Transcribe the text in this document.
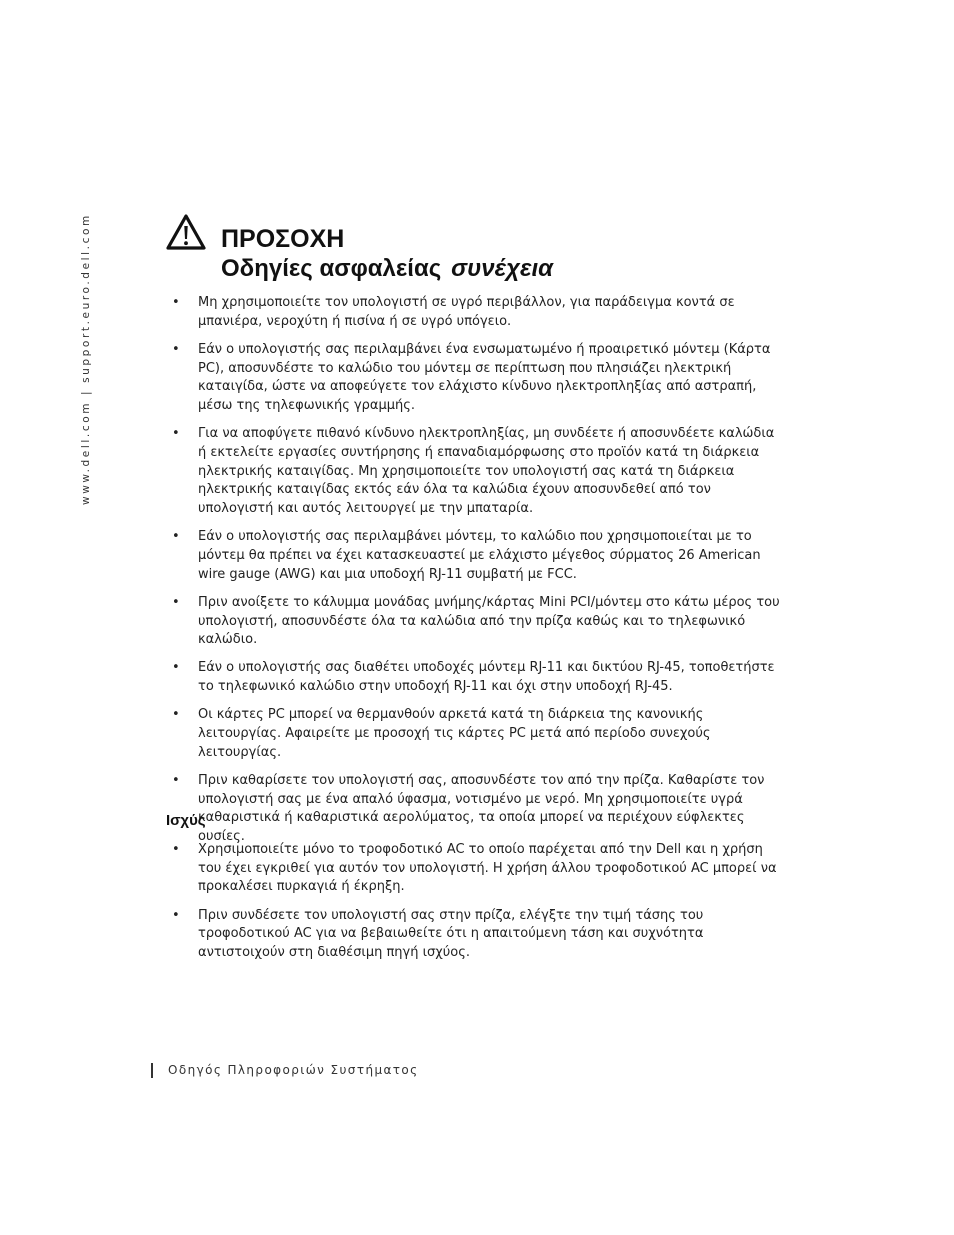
www.dell.com | support.euro.dell.com	ΠΡΟΣΟΧΗ
Οδηγίες ασφαλείας συνέχεια
• Μη χρησιμοποιείτε τον υπολογιστή σε υγρό περιβάλλον, για παράδειγμα κοντά σε μπανιέρα, νεροχύτη ή πισίνα ή σε υγρό υπόγειο.
• Εάν ο υπολογιστής σας περιλαμβάνει ένα ενσωματωμένο ή προαιρετικό μόντεμ (Κάρτα PC), αποσυνδέστε το καλώδιο του μόντεμ σε περίπτωση που πλησιάζει ηλεκτρική καταιγίδα, ώστε να αποφεύγετε τον ελάχιστο κίνδυνο ηλεκτροπληξίας από αστραπή, μέσω της τηλεφωνικής γραμμής.
• Για να αποφύγετε πιθανό κίνδυνο ηλεκτροπληξίας, μη συνδέετε ή αποσυνδέετε καλώδια ή εκτελείτε εργασίες συντήρησης ή επαναδιαμόρφωσης στο προϊόν κατά τη διάρκεια ηλεκτρικής καταιγίδας. Μη χρησιμοποιείτε τον υπολογιστή σας κατά τη διάρκεια ηλεκτρικής καταιγίδας εκτός εάν όλα τα καλώδια έχουν αποσυνδεθεί από τον υπολογιστή και αυτός λειτουργεί με την μπαταρία.
• Εάν ο υπολογιστής σας περιλαμβάνει μόντεμ, το καλώδιο που χρησιμοποιείται με το μόντεμ θα πρέπει να έχει κατασκευαστεί με ελάχιστο μέγεθος σύρματος 26 American wire gauge (AWG) και μια υποδοχή RJ-11 συμβατή με FCC.
• Πριν ανοίξετε το κάλυμμα μονάδας μνήμης/κάρτας Mini PCI/μόντεμ στο κάτω μέρος του υπολογιστή, αποσυνδέστε όλα τα καλώδια από την πρίζα καθώς και το τηλεφωνικό καλώδιο.
• Εάν ο υπολογιστής σας διαθέτει υποδοχές μόντεμ RJ-11 και δικτύου RJ-45, τοποθετήστε το τηλεφωνικό καλώδιο στην υποδοχή RJ-11 και όχι στην υποδοχή RJ-45.
• Οι κάρτες PC μπορεί να θερμανθούν αρκετά κατά τη διάρκεια της κανονικής λειτουργίας. Αφαιρείτε με προσοχή τις κάρτες PC μετά από περίοδο συνεχούς λειτουργίας.
• Πριν καθαρίσετε τον υπολογιστή σας, αποσυνδέστε τον από την πρίζα. Καθαρίστε τον υπολογιστή σας με ένα απαλό ύφασμα, νοτισμένο με νερό. Μη χρησιμοποιείτε υγρά καθαριστικά ή καθαριστικά αερολύματος, τα οποία μπορεί να περιέχουν εύφλεκτες ουσίες.
Ισχύς
• Χρησιμοποιείτε μόνο το τροφοδοτικό AC το οποίο παρέχεται από την Dell και η χρήση του έχει εγκριθεί για αυτόν τον υπολογιστή. Η χρήση άλλου τροφοδοτικού AC μπορεί να προκαλέσει πυρκαγιά ή έκρηξη.
• Πριν συνδέσετε τον υπολογιστή σας στην πρίζα, ελέγξτε την τιμή τάσης του τροφοδοτικού AC για να βεβαιωθείτε ότι η απαιτούμενη τάση και συχνότητα αντιστοιχούν στη διαθέσιμη πηγή ισχύος.
Οδηγός Πληροφοριών Συστήματος
